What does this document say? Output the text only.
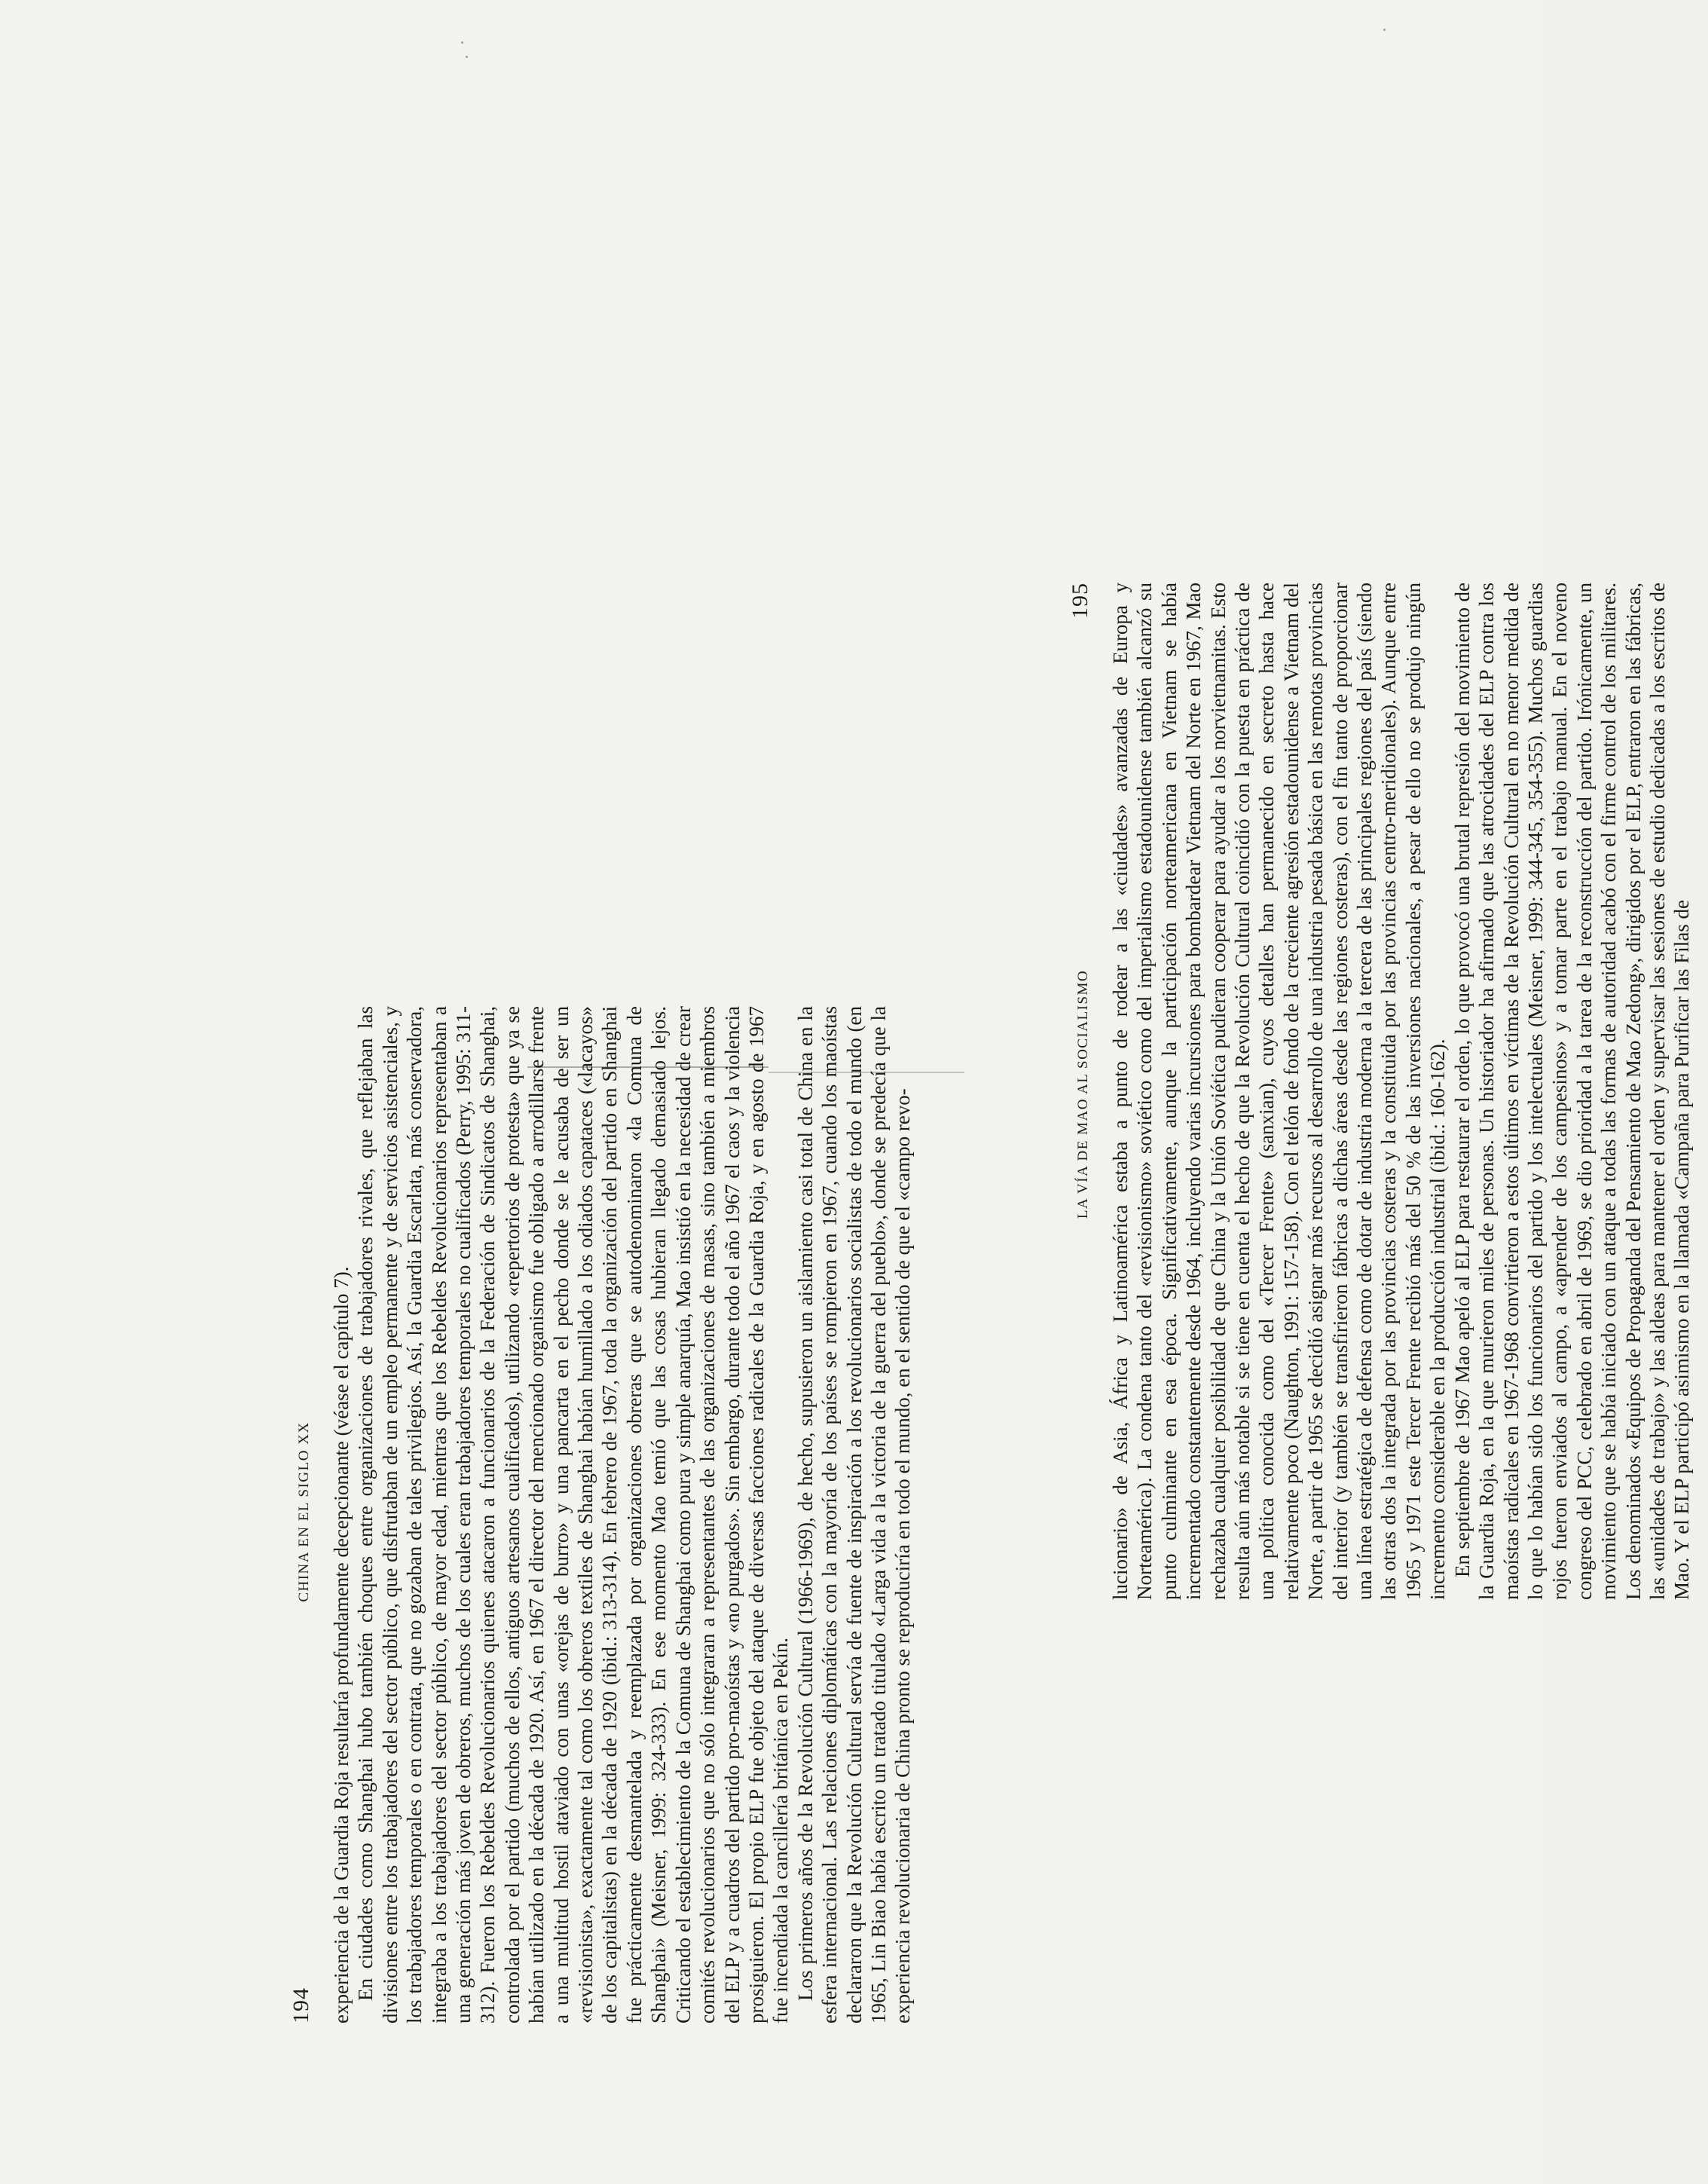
194
CHINA EN EL SIGLO XX experiencia de la Guardia Roja resultaría profundamente decepcionante (véase el capítulo 7). En ciudades como Shanghai hubo también choques entre organizaciones de trabajadores rivales, que reflejaban las divisiones entre los trabajadores del sector público, que disfrutaban de un empleo permanente y de servicios asistenciales, y los trabajadores temporales o en contrata, que no gozaban de tales privilegios. Así, la Guardia Escarlata, más conservadora, integraba a los trabajadores del sector público, de mayor edad, mientras que los Rebeldes Revolucionarios representaban a una generación más joven de obreros, muchos de los cuales eran trabajadores temporales no cualificados (Perry, 1995: 311-312). Fueron los Rebeldes Revolucionarios quienes atacaron a funcionarios de la Federación de Sindicatos de Shanghai, controlada por el partido (muchos de ellos, antiguos artesanos cualificados), utilizando «repertorios de protesta» que ya se habían utilizado en la década de 1920. Así, en 1967 el director del mencionado organismo fue obligado a arrodillarse frente a una multitud hostil ataviado con unas «orejas de burro» y una pancarta en el pecho donde se le acusaba de ser un «revisionista», exactamente tal como los obreros textiles de Shanghai habían humillado a los odiados capataces («lacayos» de los capitalistas) en la década de 1920 (ibid.: 313-314). En febrero de 1967, toda la organización del partido en Shanghai fue prácticamente desmantelada y reemplazada por organizaciones obreras que se autodenominaron «la Comuna de Shanghai» (Meisner, 1999: 324-333). En ese momento Mao temió que las cosas hubieran llegado demasiado lejos. Criticando el establecimiento de la Comuna de Shanghai como pura y simple anarquía, Mao insistió en la necesidad de crear comités revolucionarios que no sólo integraran a representantes de las organizaciones de masas, sino también a miembros del ELP y a cuadros del partido pro-maoístas y «no purgados». Sin embargo, durante todo el año 1967 el caos y la violencia prosiguieron. El propio ELP fue objeto del ataque de diversas facciones radicales de la Guardia Roja, y en agosto de 1967 fue incendiada la cancillería británica en Pekín. Los primeros años de la Revolución Cultural (1966-1969), de hecho, supusieron un aislamiento casi total de China en la esfera internacional. Las relaciones diplomáticas con la mayoría de los países se rompieron en 1967, cuando los maoístas declararon que la Revolución Cultural servía de fuente de inspiración a los revolucionarios socialistas de todo el mundo (en 1965, Lin Biao había escrito un tratado titulado «Larga vida a la victoria de la guerra del pueblo», donde se predecía que la experiencia revolucionaria de China pronto se reproduciría en todo el mundo, en el sentido de que el «campo revo-	LA VÍA DE MAO AL SOCIALISMO
195 lucionario» de Asia, África y Latinoamérica estaba a punto de rodear a las «ciudades» avanzadas de Europa y Norteamérica). La condena tanto del «revisionismo» soviético como del imperialismo estadounidense también alcanzó su punto culminante en esa época. Significativamente, aunque la participación norteamericana en Vietnam se había incrementado constantemente desde 1964, incluyendo varias incursiones para bombardear Vietnam del Norte en 1967, Mao rechazaba cualquier posibilidad de que China y la Unión Soviética pudieran cooperar para ayudar a los norvietnamitas. Esto resulta aún más notable si se tiene en cuenta el hecho de que la Revolución Cultural coincidió con la puesta en práctica de una política conocida como del «Tercer Frente» (sanxian), cuyos detalles han permanecido en secreto hasta hace relativamente poco (Naughton, 1991: 157-158). Con el telón de fondo de la creciente agresión estadounidense a Vietnam del Norte, a partir de 1965 se decidió asignar más recursos al desarrollo de una industria pesada básica en las remotas provincias del interior (y también se transfirieron fábricas a dichas áreas desde las regiones costeras), con el fin tanto de proporcionar una línea estratégica de defensa como de dotar de industria moderna a la tercera de las principales regiones del país (siendo las otras dos la integrada por las provincias costeras y la constituida por las provincias centro-meridionales). Aunque entre 1965 y 1971 este Tercer Frente recibió más del 50 % de las inversiones nacionales, a pesar de ello no se produjo ningún incremento considerable en la producción industrial (ibid.: 160-162). En septiembre de 1967 Mao apeló al ELP para restaurar el orden, lo que provocó una brutal represión del movimiento de la Guardia Roja, en la que murieron miles de personas. Un historiador ha afirmado que las atrocidades del ELP contra los maoístas radicales en 1967-1968 convirtieron a estos últimos en víctimas de la Revolución Cultural en no menor medida de lo que lo habían sido los funcionarios del partido y los intelectuales (Meisner, 1999: 344-345, 354-355). Muchos guardias rojos fueron enviados al campo, a «aprender de los campesinos» y a tomar parte en el trabajo manual. En el noveno congreso del PCC, celebrado en abril de 1969, se dio prioridad a la tarea de la reconstrucción del partido. Irónicamente, un movimiento que se había iniciado con un ataque a todas las formas de autoridad acabó con el firme control de los militares. Los denominados «Equipos de Propaganda del Pensamiento de Mao Zedong», dirigidos por el ELP, entraron en las fábricas, las «unidades de trabajo» y las aldeas para mantener el orden y supervisar las sesiones de estudio dedicadas a los escritos de Mao. Y el ELP participó asimismo en la llamada «Campaña para Purificar las Filas de
